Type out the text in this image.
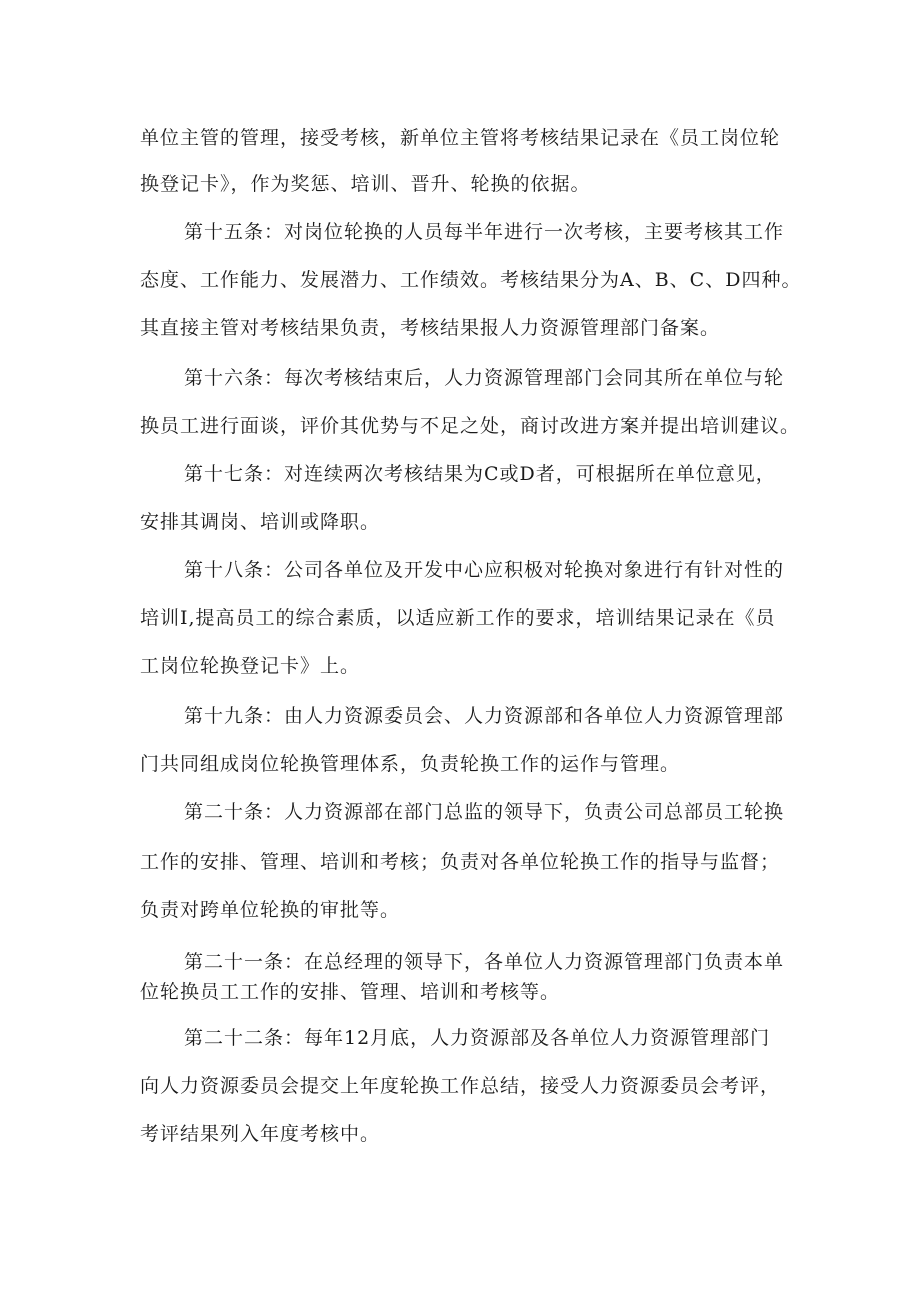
单位主管的管理，接受考核，新单位主管将考核结果记录在《员工岗位轮
换登记卡》，作为奖惩、培训、晋升、轮换的依据。
第十五条：对岗位轮换的人员每半年进行一次考核，主要考核其工作
态度、工作能力、发展潜力、工作绩效。考核结果分为A、B、C、D四种。
其直接主管对考核结果负责，考核结果报人力资源管理部门备案。
第十六条：每次考核结束后，人力资源管理部门会同其所在单位与轮
换员工进行面谈，评价其优势与不足之处，商讨改进方案并提出培训建议。
第十七条：对连续两次考核结果为C或D者，可根据所在单位意见，
安排其调岗、培训或降职。
第十八条：公司各单位及开发中心应积极对轮换对象进行有针对性的
培训I,提高员工的综合素质，以适应新工作的要求，培训结果记录在《员
工岗位轮换登记卡》上。
第十九条：由人力资源委员会、人力资源部和各单位人力资源管理部
门共同组成岗位轮换管理体系，负责轮换工作的运作与管理。
第二十条：人力资源部在部门总监的领导下，负责公司总部员工轮换
工作的安排、管理、培训和考核；负责对各单位轮换工作的指导与监督；
负责对跨单位轮换的审批等。
第二十一条：在总经理的领导下，各单位人力资源管理部门负责本单
位轮换员工工作的安排、管理、培训和考核等。
第二十二条：每年12月底，人力资源部及各单位人力资源管理部门
向人力资源委员会提交上年度轮换工作总结，接受人力资源委员会考评，
考评结果列入年度考核中。
